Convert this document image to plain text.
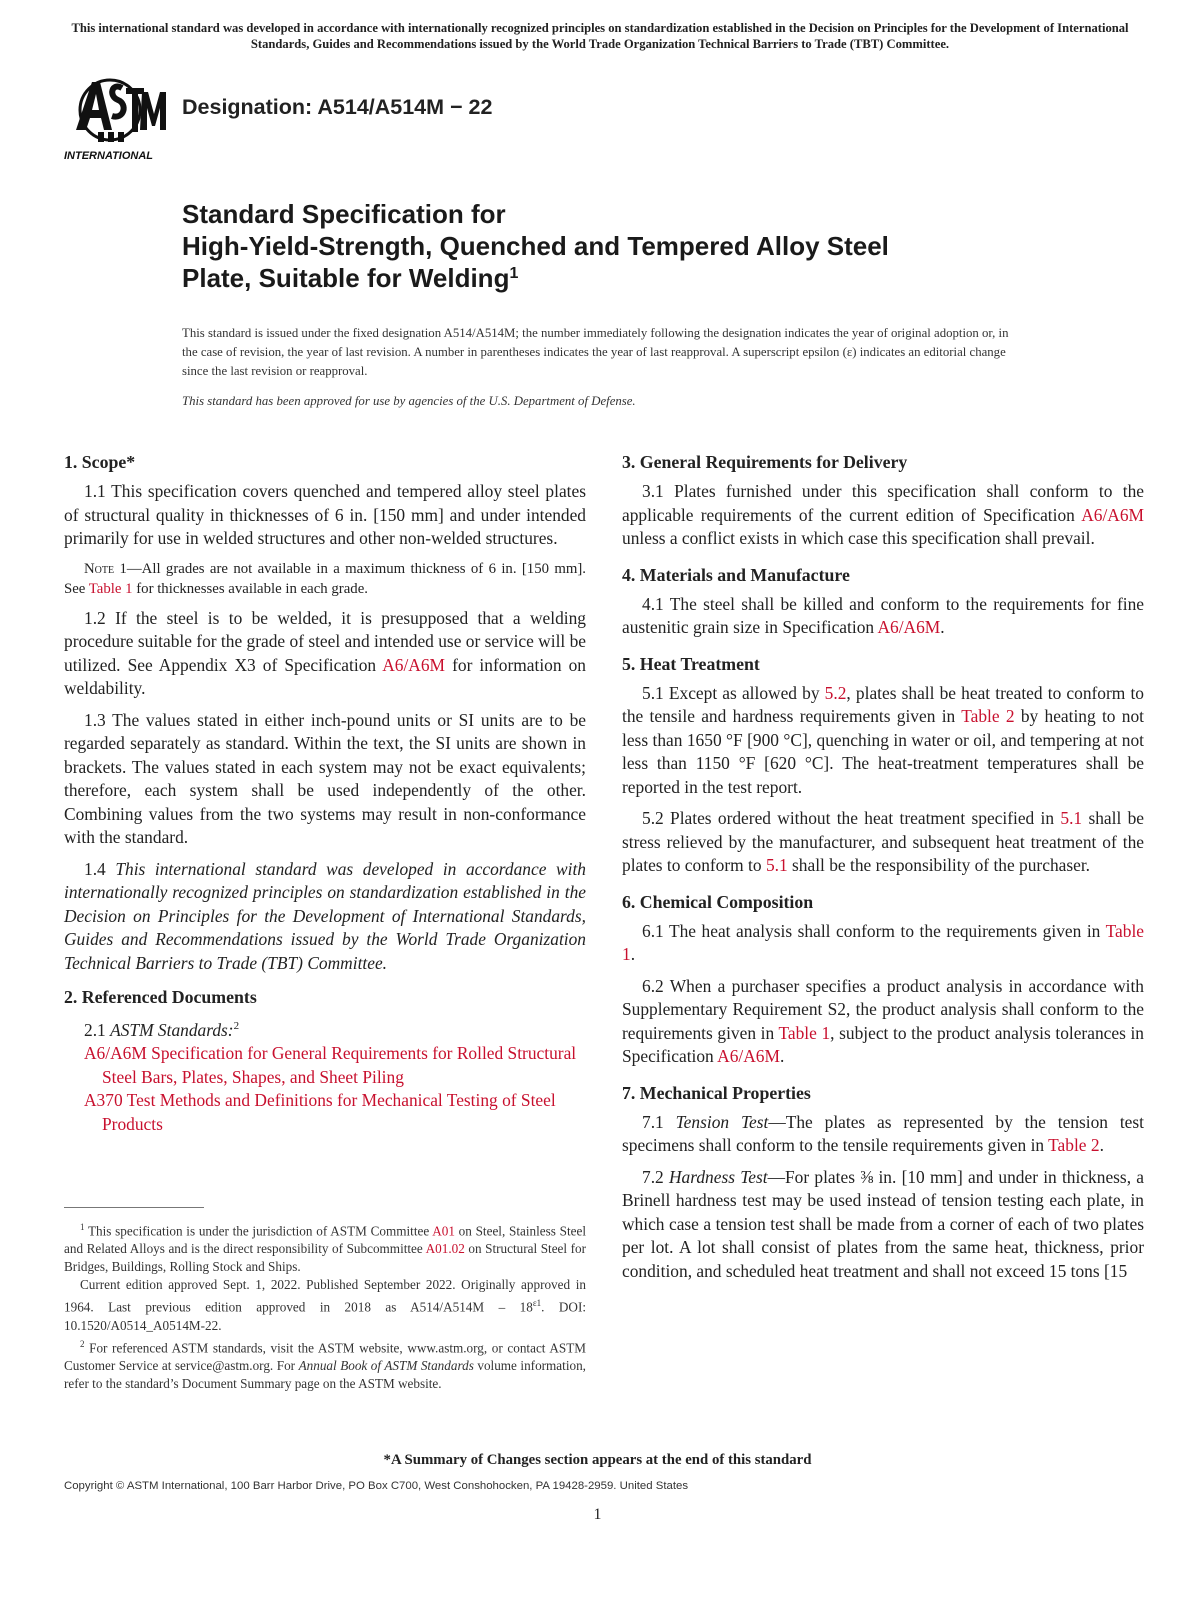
This international standard was developed in accordance with internationally recognized principles on standardization established in the Decision on Principles for the Development of International Standards, Guides and Recommendations issued by the World Trade Organization Technical Barriers to Trade (TBT) Committee.
INTERNATIONAL
Designation: A514/A514M − 22
Standard Specification for
High-Yield-Strength, Quenched and Tempered Alloy Steel
Plate, Suitable for Welding$^1$
This standard is issued under the fixed designation A514/A514M; the number immediately following the designation indicates the year of original adoption or, in the case of revision, the year of last revision. A number in parentheses indicates the year of last reapproval. A superscript epsilon (ε) indicates an editorial change since the last revision or reapproval.
This standard has been approved for use by agencies of the U.S. Department of Defense.
1. Scope*

1.1 This specification covers quenched and tempered alloy steel plates of structural quality in thicknesses of 6 in. [150 mm] and under intended primarily for use in welded structures and other non-welded structures.

Note 1—All grades are not available in a maximum thickness of 6 in. [150 mm]. See Table 1 for thicknesses available in each grade.

1.2 If the steel is to be welded, it is presupposed that a welding procedure suitable for the grade of steel and intended use or service will be utilized. See Appendix X3 of Specification A6/A6M for information on weldability.

1.3 The values stated in either inch-pound units or SI units are to be regarded separately as standard. Within the text, the SI units are shown in brackets. The values stated in each system may not be exact equivalents; therefore, each system shall be used independently of the other. Combining values from the two systems may result in non-conformance with the standard.

1.4 This international standard was developed in accordance with internationally recognized principles on standardization established in the Decision on Principles for the Development of International Standards, Guides and Recommendations issued by the World Trade Organization Technical Barriers to Trade (TBT) Committee.

2. Referenced Documents

2.1 ASTM Standards:$^2$

A6/A6M Specification for General Requirements for Rolled Structural Steel Bars, Plates, Shapes, and Sheet Piling
A370 Test Methods and Definitions for Mechanical Testing of Steel Products

$^1$ This specification is under the jurisdiction of ASTM Committee A01 on Steel, Stainless Steel and Related Alloys and is the direct responsibility of Subcommittee A01.02 on Structural Steel for Bridges, Buildings, Rolling Stock and Ships.

Current edition approved Sept. 1, 2022. Published September 2022. Originally approved in 1964. Last previous edition approved in 2018 as $A514/A514M - 18^{\varepsilon 1}$. DOI: 10.1520/A0514_A0514M-22.

$^2$ For referenced ASTM standards, visit the ASTM website, www.astm.org, or contact ASTM Customer Service at service@astm.org. For Annual Book of ASTM Standards volume information, refer to the standard’s Document Summary page on the ASTM website.

3. General Requirements for Delivery

3.1 Plates furnished under this specification shall conform to the applicable requirements of the current edition of Specification A6/A6M unless a conflict exists in which case this specification shall prevail.

4. Materials and Manufacture

4.1 The steel shall be killed and conform to the requirements for fine austenitic grain size in Specification A6/A6M.

5. Heat Treatment

5.1 Except as allowed by 5.2, plates shall be heat treated to conform to the tensile and hardness requirements given in Table 2 by heating to not less than 1650 °F [900 °C], quenching in water or oil, and tempering at not less than 1150 °F [620 °C]. The heat-treatment temperatures shall be reported in the test report.

5.2 Plates ordered without the heat treatment specified in 5.1 shall be stress relieved by the manufacturer, and subsequent heat treatment of the plates to conform to 5.1 shall be the responsibility of the purchaser.

6. Chemical Composition

6.1 The heat analysis shall conform to the requirements given in Table 1.

6.2 When a purchaser specifies a product analysis in accordance with Supplementary Requirement S2, the product analysis shall conform to the requirements given in Table 1, subject to the product analysis tolerances in Specification A6/A6M.

7. Mechanical Properties

7.1 Tension Test—The plates as represented by the tension test specimens shall conform to the tensile requirements given in Table 2.

7.2 Hardness Test—For plates ⅜ in. [10 mm] and under in thickness, a Brinell hardness test may be used instead of tension testing each plate, in which case a tension test shall be made from a corner of each of two plates per lot. A lot shall consist of plates from the same heat, thickness, prior condition, and scheduled heat treatment and shall not exceed 15 tons [15

*A Summary of Changes section appears at the end of this standard
Copyright © ASTM International, 100 Barr Harbor Drive, PO Box C700, West Conshohocken, PA 19428-2959. United States
1
